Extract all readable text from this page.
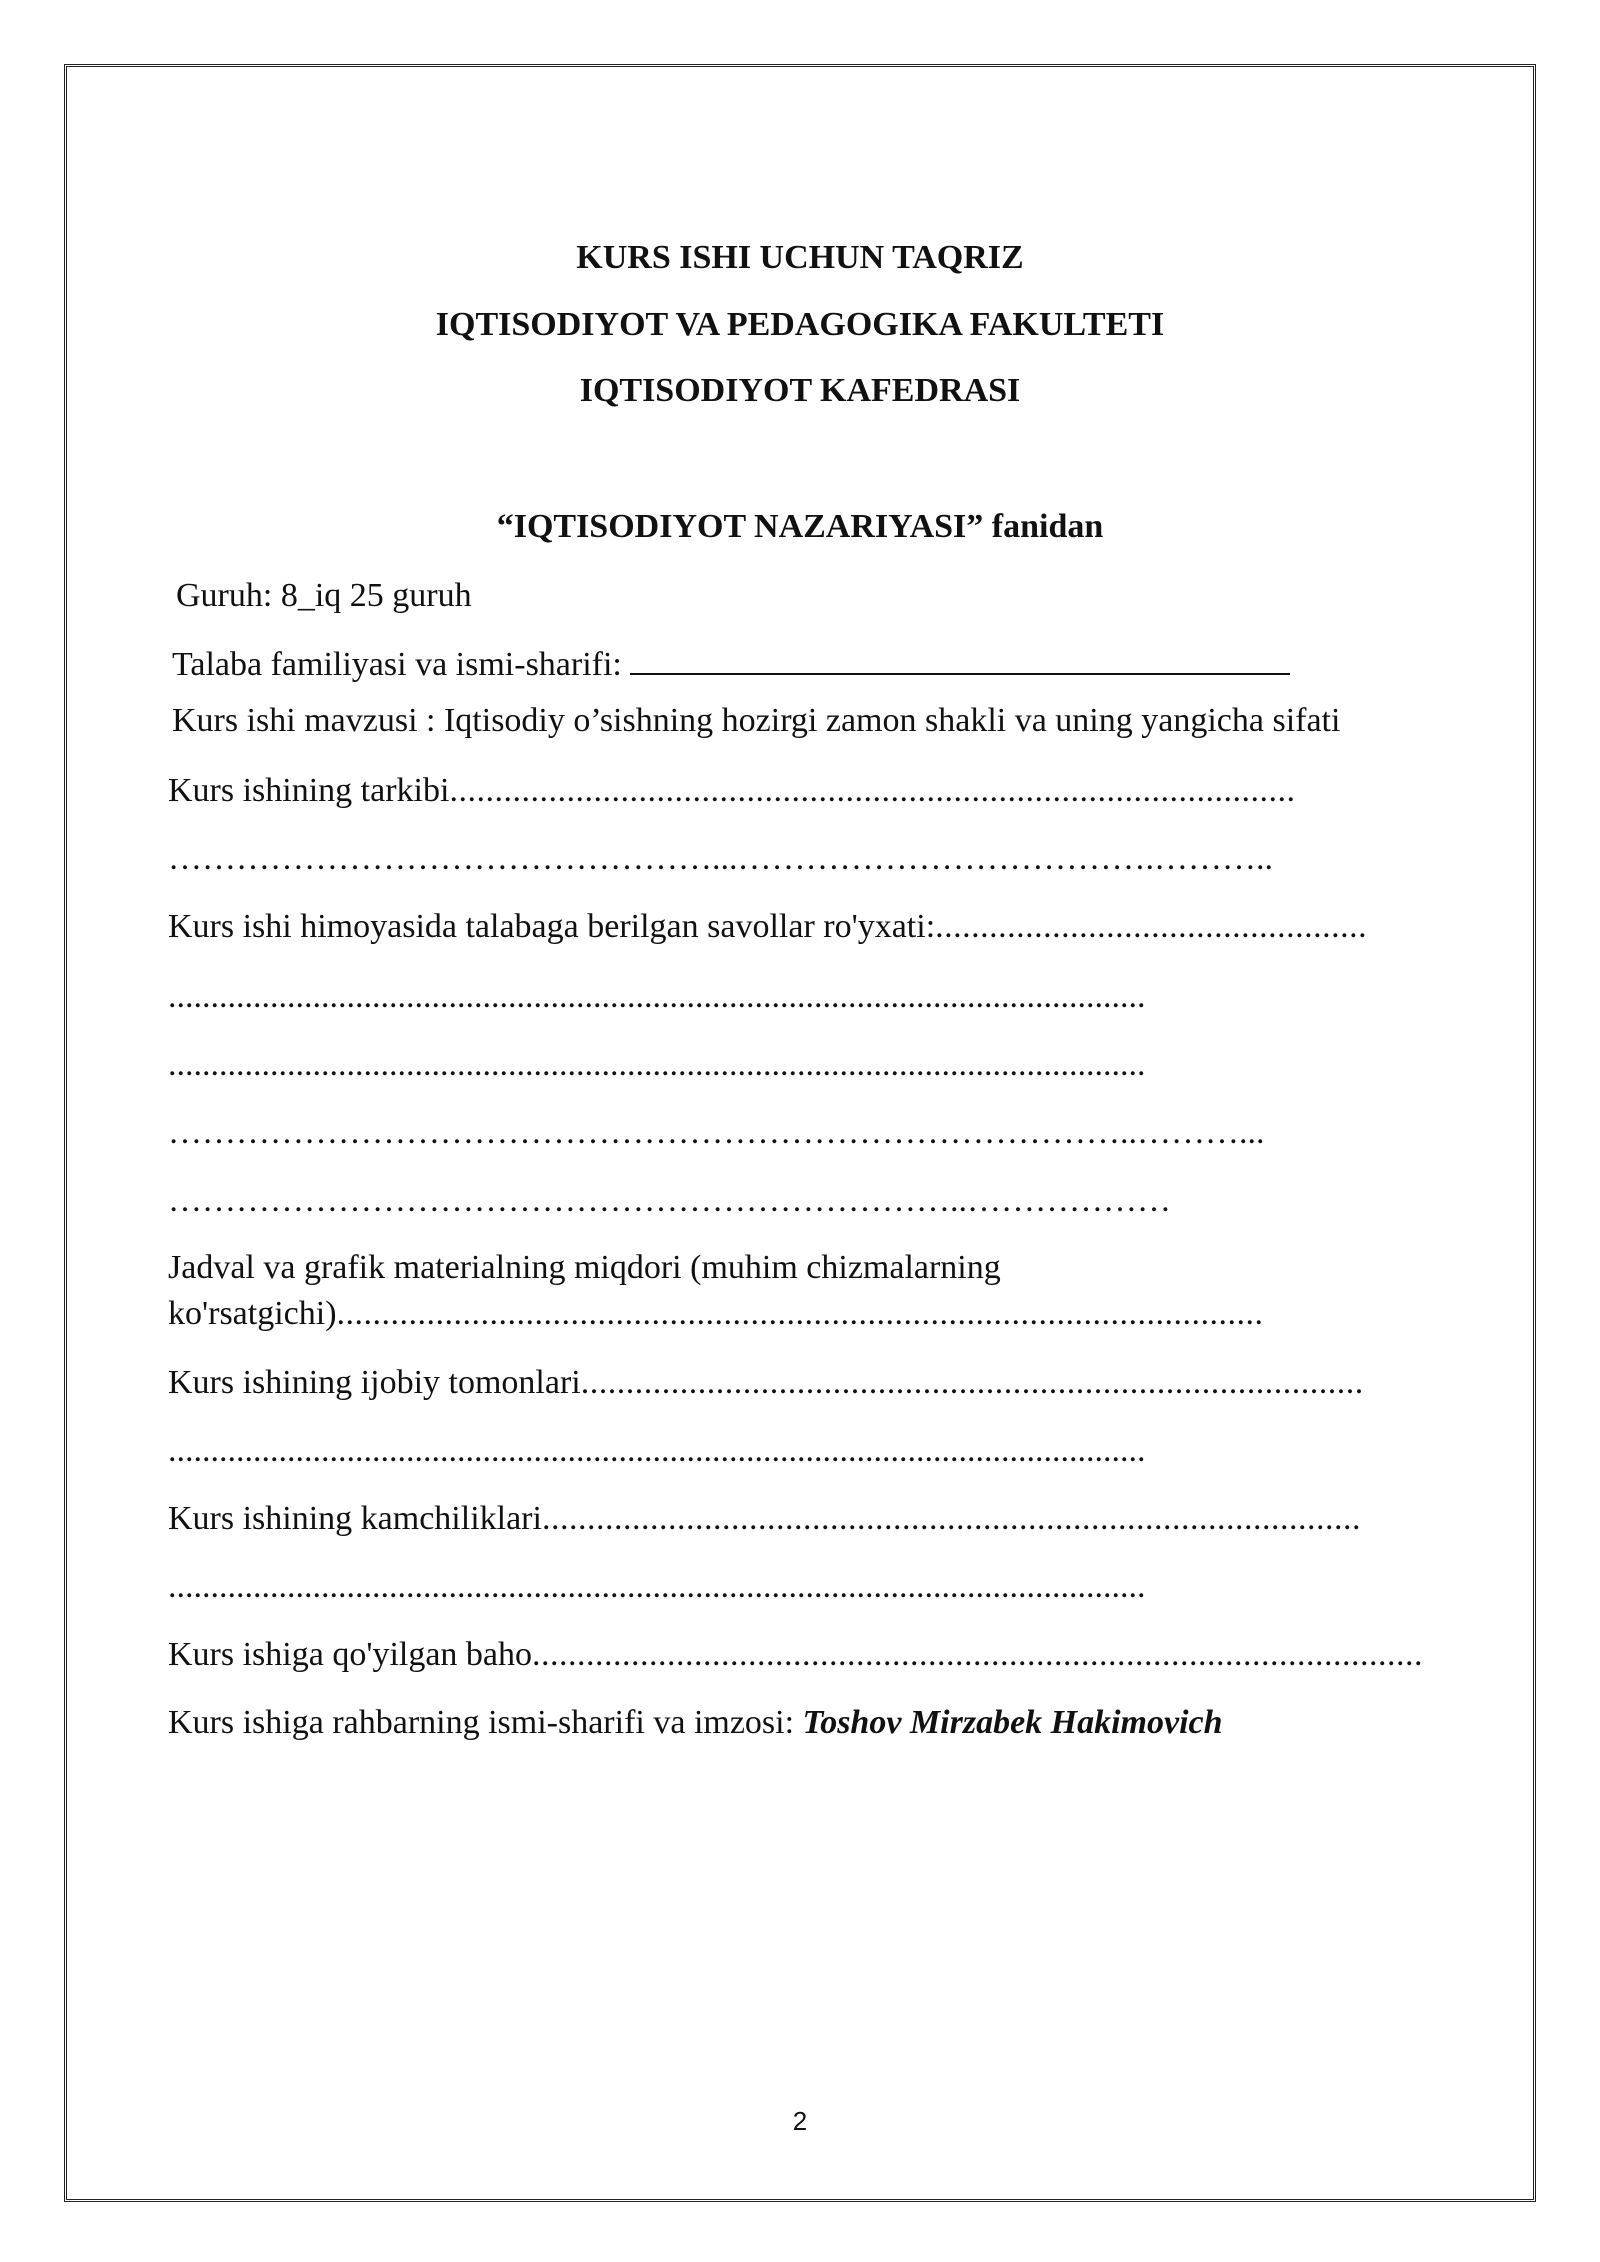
KURS ISHI UCHUN TAQRIZ
IQTISODIYOT VA PEDAGOGIKA FAKULTETI
IQTISODIYOT KAFEDRASI
“IQTISODIYOT NAZARIYASI” fanidan
Guruh: 8_iq 25 guruh
Talaba familiyasi va ismi-sharifi:
Kurs ishi mavzusi : Iqtisodiy o’sishning hozirgi zamon shakli va uning yangicha sifati
Kurs ishining tarkibi..............................................................................................
…………………………………………...……………………………….………..
Kurs ishi himoyasida talabaga berilgan savollar ro'yxati:................................................
...................................................................................................................
...................................................................................................................
…………………………………………………………………………..………...
……………………………………………………………..………………
Jadval va grafik materialning miqdori (muhim chizmalarning
ko'rsatgichi).......................................................................................................
Kurs ishining ijobiy tomonlari.......................................................................................
...................................................................................................................
Kurs ishining kamchiliklari...........................................................................................
...................................................................................................................
Kurs ishiga qo'yilgan baho...................................................................................................
Kurs ishiga rahbarning ismi-sharifi va imzosi: Toshov Mirzabek Hakimovich
2
